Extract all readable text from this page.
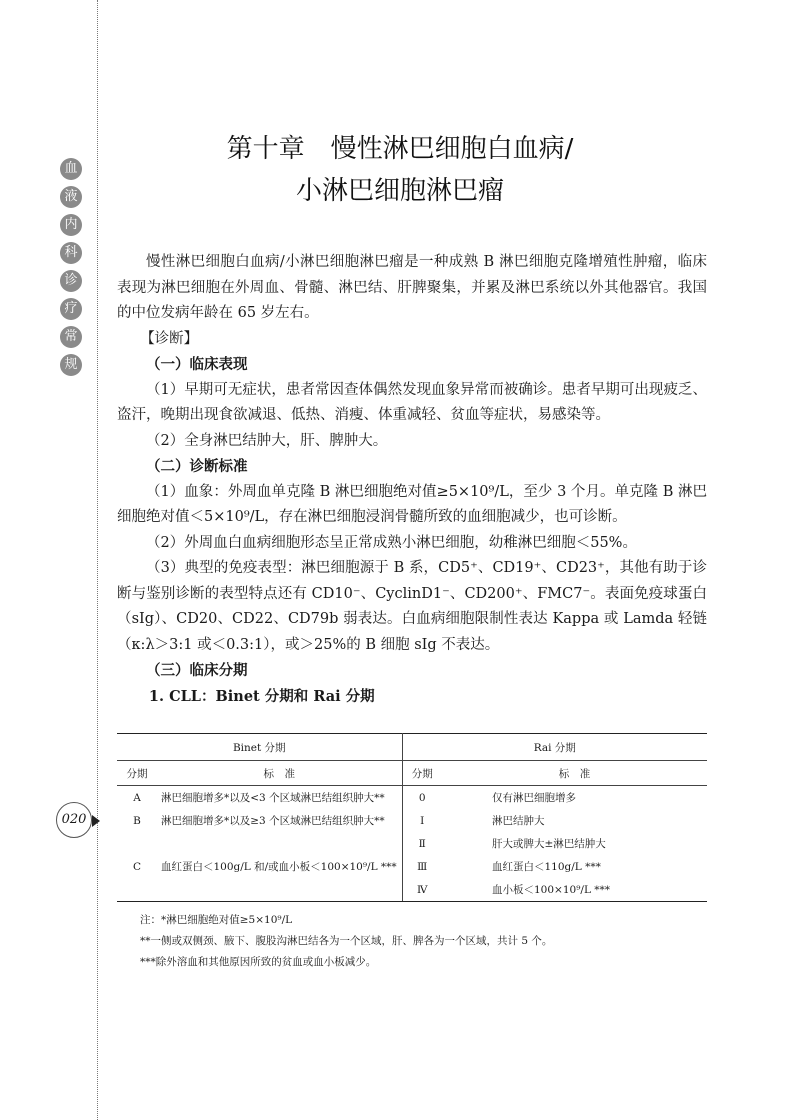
血
液
内
科
诊
疗
常
规
020
第十章　慢性淋巴细胞白血病/
小淋巴细胞淋巴瘤

慢性淋巴细胞白血病/小淋巴细胞淋巴瘤是一种成熟 B 淋巴细胞克隆增殖性肿瘤，临床表现为淋巴细胞在外周血、骨髓、淋巴结、肝脾聚集，并累及淋巴系统以外其他器官。我国的中位发病年龄在 65 岁左右。

【诊断】

（一）临床表现

（1）早期可无症状，患者常因查体偶然发现血象异常而被确诊。患者早期可出现疲乏、盗汗，晚期出现食欲减退、低热、消瘦、体重减轻、贫血等症状，易感染等。

（2）全身淋巴结肿大，肝、脾肿大。

（二）诊断标准

（1）血象：外周血单克隆 B 淋巴细胞绝对值≥5×10⁹/L，至少 3 个月。单克隆 B 淋巴细胞绝对值＜5×10⁹/L，存在淋巴细胞浸润骨髓所致的血细胞减少，也可诊断。

（2）外周血白血病细胞形态呈正常成熟小淋巴细胞，幼稚淋巴细胞＜55%。

（3）典型的免疫表型：淋巴细胞源于 B 系，CD5⁺、CD19⁺、CD23⁺，其他有助于诊断与鉴别诊断的表型特点还有 CD10⁻、CyclinD1⁻、CD200⁺、FMC7⁻。表面免疫球蛋白（sIg）、CD20、CD22、CD79b 弱表达。白血病细胞限制性表达 Kappa 或 Lamda 轻链（κ:λ＞3:1 或＜0.3:1），或＞25%的 B 细胞 sIg 不表达。

（三）临床分期

1. CLL：Binet 分期和 Rai 分期

Binet 分期		Rai 分期	
分期	标　准	分期	标　准
A	淋巴细胞增多*以及<3 个区域淋巴结组织肿大**	0	仅有淋巴细胞增多
B	淋巴细胞增多*以及≥3 个区域淋巴结组织肿大**	Ⅰ	淋巴结肿大
		Ⅱ	肝大或脾大±淋巴结肿大
C	血红蛋白＜100g/L 和/或血小板＜100×10⁹/L ***	Ⅲ	血红蛋白＜110g/L ***
		Ⅳ	血小板＜100×10⁹/L ***
注：*淋巴细胞绝对值≥5×10⁹/L
**一侧或双侧颈、腋下、腹股沟淋巴结各为一个区域，肝、脾各为一个区域，共计 5 个。
***除外溶血和其他原因所致的贫血或血小板减少。
